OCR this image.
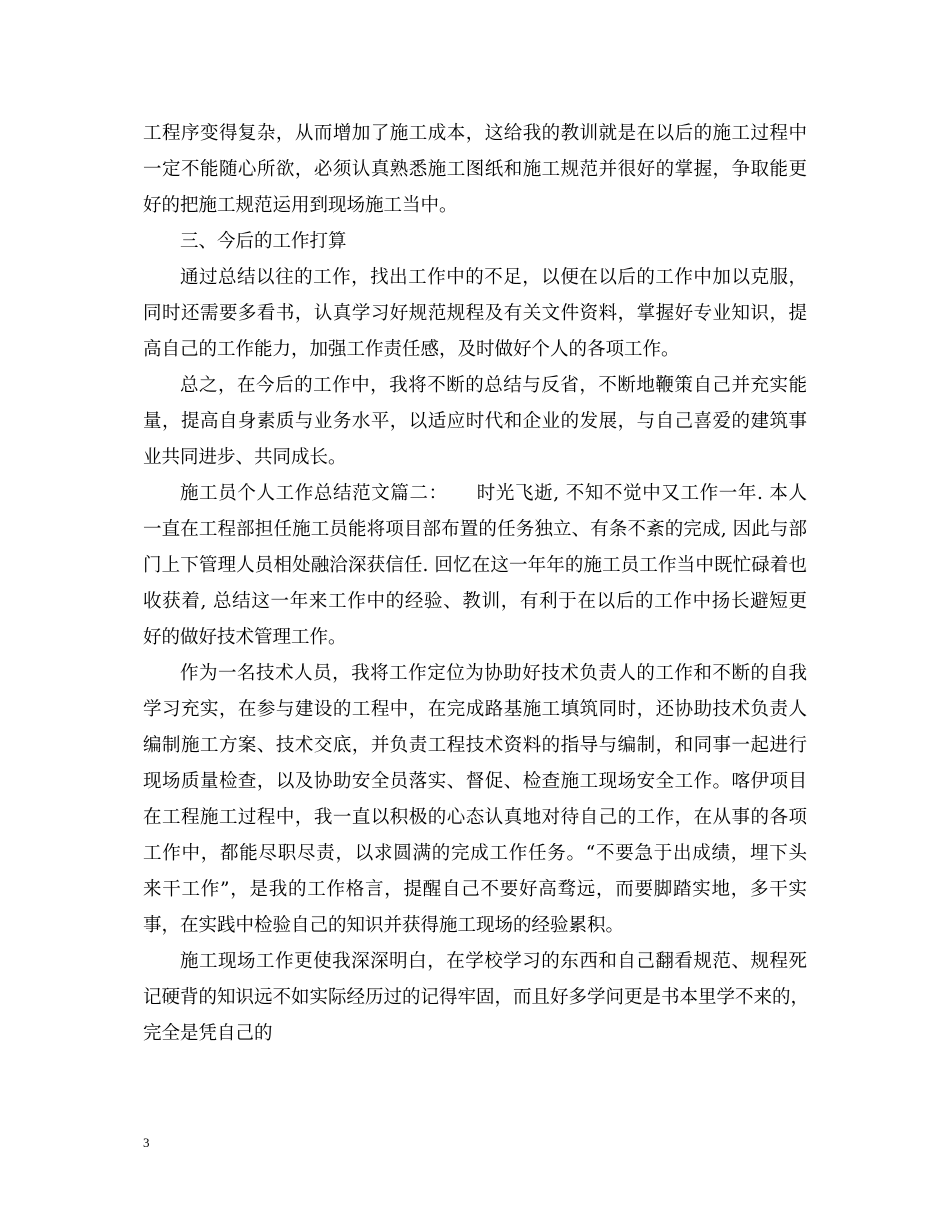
工程序变得复杂，从而增加了施工成本，这给我的教训就是在以后的施工过程中
一定不能随心所欲，必须认真熟悉施工图纸和施工规范并很好的掌握，争取能更
好的把施工规范运用到现场施工当中。
三、今后的工作打算
通过总结以往的工作，找出工作中的不足，以便在以后的工作中加以克服，
同时还需要多看书，认真学习好规范规程及有关文件资料，掌握好专业知识，提
高自己的工作能力，加强工作责任感，及时做好个人的各项工作。
总之，在今后的工作中，我将不断的总结与反省，不断地鞭策自己并充实能
量，提高自身素质与业务水平，以适应时代和企业的发展，与自己喜爱的建筑事
业共同进步、共同成长。
施工员个人工作总结范文篇二：　　时光飞逝, 不知不觉中又工作一年. 本人
一直在工程部担任施工员能将项目部布置的任务独立、有条不紊的完成, 因此与部
门上下管理人员相处融洽深获信任. 回忆在这一年年的施工员工作当中既忙碌着也
收获着, 总结这一年来工作中的经验、教训，有利于在以后的工作中扬长避短更
好的做好技术管理工作。
作为一名技术人员，我将工作定位为协助好技术负责人的工作和不断的自我
学习充实，在参与建设的工程中，在完成路基施工填筑同时，还协助技术负责人
编制施工方案、技术交底，并负责工程技术资料的指导与编制，和同事一起进行
现场质量检查，以及协助安全员落实、督促、检查施工现场安全工作。喀伊项目
在工程施工过程中，我一直以积极的心态认真地对待自己的工作，在从事的各项
工作中，都能尽职尽责，以求圆满的完成工作任务。“不要急于出成绩，埋下头
来干工作”，是我的工作格言，提醒自己不要好高骛远，而要脚踏实地，多干实
事，在实践中检验自己的知识并获得施工现场的经验累积。
施工现场工作更使我深深明白，在学校学习的东西和自己翻看规范、规程死
记硬背的知识远不如实际经历过的记得牢固，而且好多学问更是书本里学不来的，
完全是凭自己的
3
